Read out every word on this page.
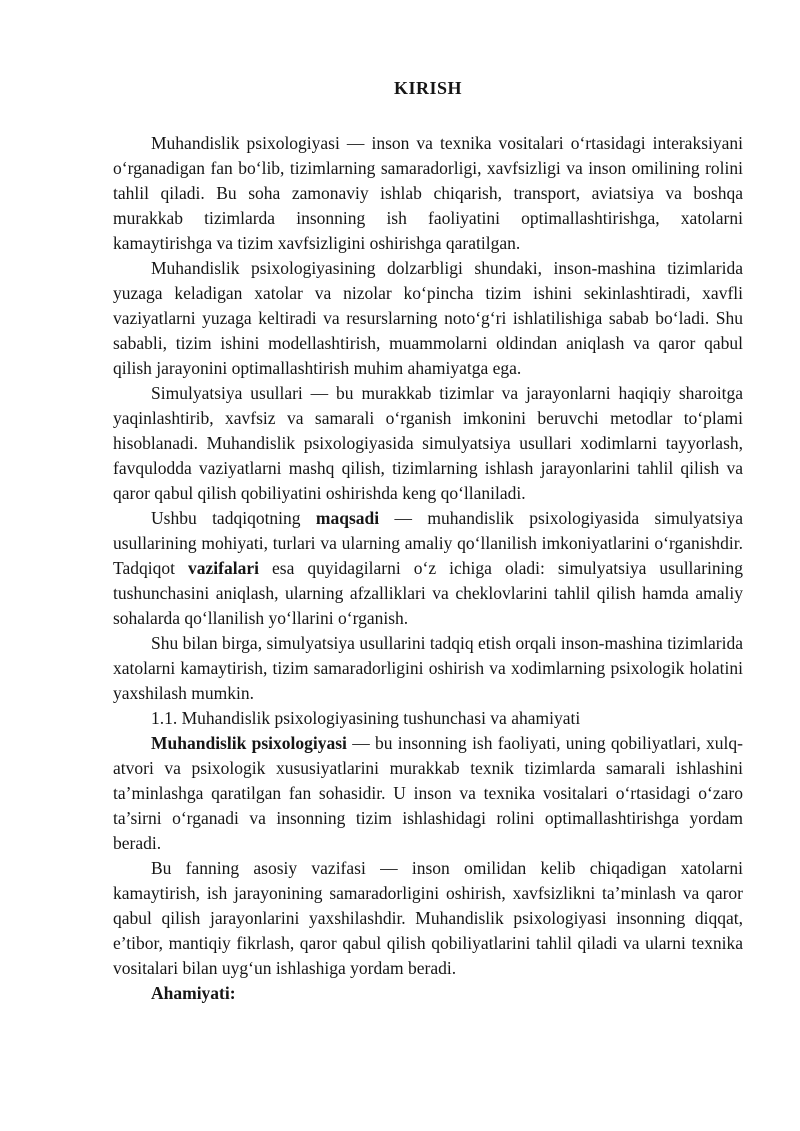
KIRISH

Muhandislik psixologiyasi — inson va texnika vositalari o‘rtasidagi interaksiyani o‘rganadigan fan bo‘lib, tizimlarning samaradorligi, xavfsizligi va inson omilining rolini tahlil qiladi. Bu soha zamonaviy ishlab chiqarish, transport, aviatsiya va boshqa murakkab tizimlarda insonning ish faoliyatini optimallashtirishga, xatolarni kamaytirishga va tizim xavfsizligini oshirishga qaratilgan.

Muhandislik psixologiyasining dolzarbligi shundaki, inson-mashina tizimlarida yuzaga keladigan xatolar va nizolar ko‘pincha tizim ishini sekinlashtiradi, xavfli vaziyatlarni yuzaga keltiradi va resurslarning noto‘g‘ri ishlatilishiga sabab bo‘ladi. Shu sababli, tizim ishini modellashtirish, muammolarni oldindan aniqlash va qaror qabul qilish jarayonini optimallashtirish muhim ahamiyatga ega.

Simulyatsiya usullari — bu murakkab tizimlar va jarayonlarni haqiqiy sharoitga yaqinlashtirib, xavfsiz va samarali o‘rganish imkonini beruvchi metodlar to‘plami hisoblanadi. Muhandislik psixologiyasida simulyatsiya usullari xodimlarni tayyorlash, favqulodda vaziyatlarni mashq qilish, tizimlarning ishlash jarayonlarini tahlil qilish va qaror qabul qilish qobiliyatini oshirishda keng qo‘llaniladi.

Ushbu tadqiqotning maqsadi — muhandislik psixologiyasida simulyatsiya usullarining mohiyati, turlari va ularning amaliy qo‘llanilish imkoniyatlarini o‘rganishdir. Tadqiqot vazifalari esa quyidagilarni o‘z ichiga oladi: simulyatsiya usullarining tushunchasini aniqlash, ularning afzalliklari va cheklovlarini tahlil qilish hamda amaliy sohalarda qo‘llanilish yo‘llarini o‘rganish.

Shu bilan birga, simulyatsiya usullarini tadqiq etish orqali inson-mashina tizimlarida xatolarni kamaytirish, tizim samaradorligini oshirish va xodimlarning psixologik holatini yaxshilash mumkin.

1.1. Muhandislik psixologiyasining tushunchasi va ahamiyati

Muhandislik psixologiyasi — bu insonning ish faoliyati, uning qobiliyatlari, xulq-atvori va psixologik xususiyatlarini murakkab texnik tizimlarda samarali ishlashini ta’minlashga qaratilgan fan sohasidir. U inson va texnika vositalari o‘rtasidagi o‘zaro ta’sirni o‘rganadi va insonning tizim ishlashidagi rolini optimallashtirishga yordam beradi.

Bu fanning asosiy vazifasi — inson omilidan kelib chiqadigan xatolarni kamaytirish, ish jarayonining samaradorligini oshirish, xavfsizlikni ta’minlash va qaror qabul qilish jarayonlarini yaxshilashdir. Muhandislik psixologiyasi insonning diqqat, e’tibor, mantiqiy fikrlash, qaror qabul qilish qobiliyatlarini tahlil qiladi va ularni texnika vositalari bilan uyg‘un ishlashiga yordam beradi.

Ahamiyati:
